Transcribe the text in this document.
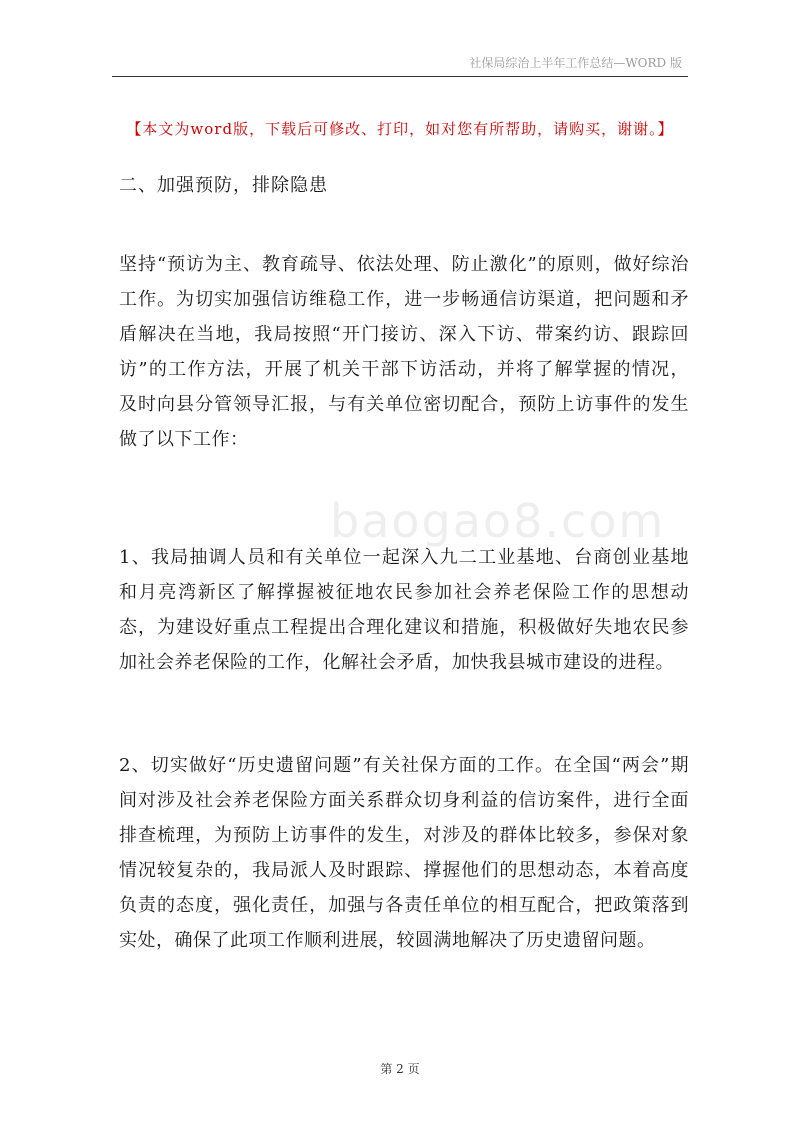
社保局综治上半年工作总结—WORD 版
【本文为word版，下载后可修改、打印，如对您有所帮助，请购买，谢谢。】
二、加强预防，排除隐患
baogao8.com
坚持“预访为主、教育疏导、依法处理、防止激化”的原则，做好综治
工作。为切实加强信访维稳工作，进一步畅通信访渠道，把问题和矛
盾解决在当地，我局按照“开门接访、深入下访、带案约访、跟踪回
访”的工作方法，开展了机关干部下访活动，并将了解掌握的情况，
及时向县分管领导汇报，与有关单位密切配合，预防上访事件的发生
做了以下工作：
1、我局抽调人员和有关单位一起深入九二工业基地、台商创业基地
和月亮湾新区了解撑握被征地农民参加社会养老保险工作的思想动
态，为建设好重点工程提出合理化建议和措施，积极做好失地农民参
加社会养老保险的工作，化解社会矛盾，加快我县城市建设的进程。
2、切实做好“历史遗留问题”有关社保方面的工作。在全国“两会”期
间对涉及社会养老保险方面关系群众切身利益的信访案件，进行全面
排查梳理，为预防上访事件的发生，对涉及的群体比较多，参保对象
情况较复杂的，我局派人及时跟踪、撑握他们的思想动态，本着高度
负责的态度，强化责任，加强与各责任单位的相互配合，把政策落到
实处，确保了此项工作顺利进展，较圆满地解决了历史遗留问题。
第 2 页
